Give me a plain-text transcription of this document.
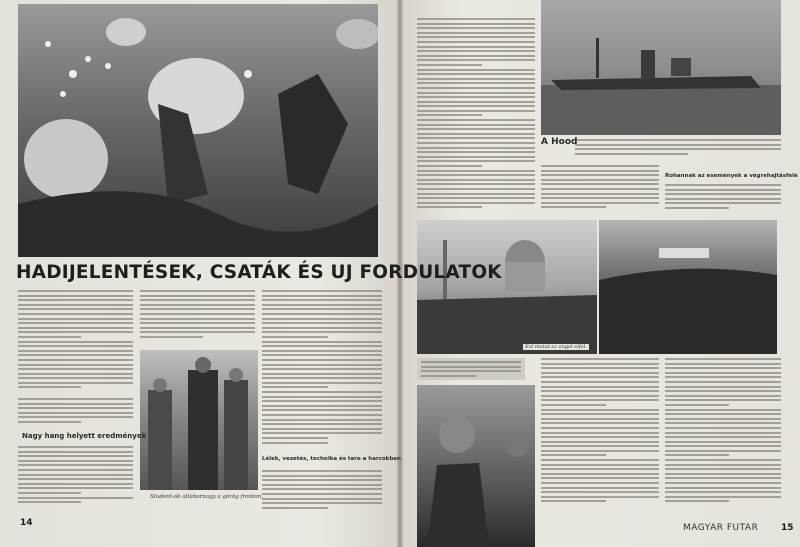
HADIJELENTÉSEK, CSATÁK ÉS UJ FORDULATOK
Nagy hang helyett eredmények
Student-ók altábornagy a görög fronton.
Lélek, vezetés, technika és tere a harcokban
14
A Hood
Rohannak az események a végrehajtásfelé
Ezt mutat az angol elfel.
MAGYAR FUTAR	15
